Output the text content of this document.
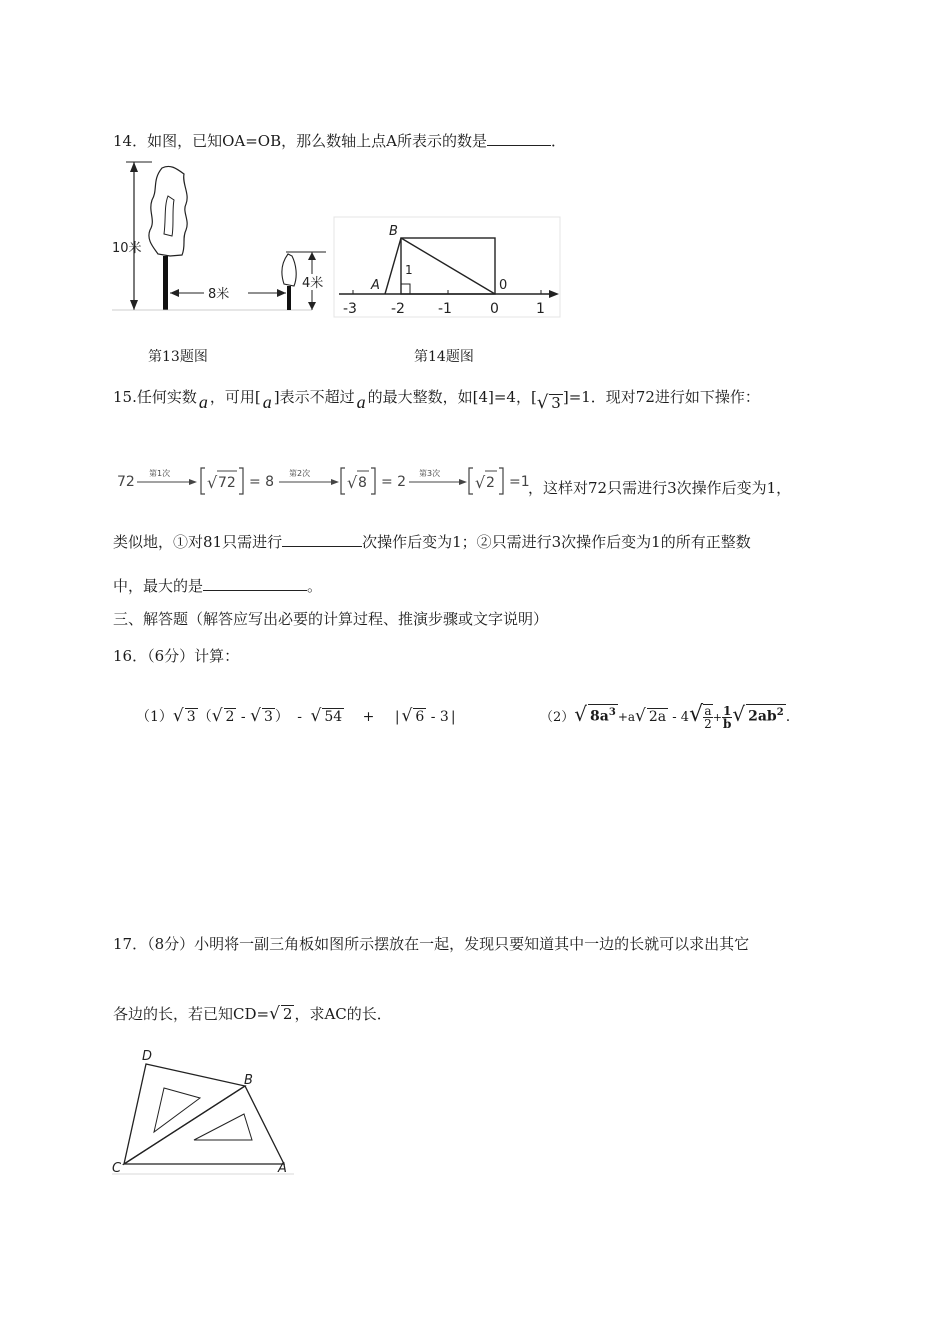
14．如图，已知OA=OB，那么数轴上点A所表示的数是	．
10米
8米
4米
-3 -2 -1	0	1
B
A	0
1
第13题图	第14题图
15.任何实数 a ，可用[ a ]表示不超过 a 的最大整数，如[4]=4，[√ 3 ]=1．现对72进行如下操作：
72
第1次 √ 72 = 8
第2次 √ 8 = 2
第3次 √ 2 =1
，这样对72只需进行3次操作后变为1，
类似地，①对81只需进行	次操作后变为1；②只需进行3次操作后变为1的所有正整数
中，最大的是	。
三、解答题（解答应写出必要的计算过程、推演步骤或文字说明）
16．（6分）计算：
（1）√ 3 （√ 2 - √ 3 ） - √ 54 + | √ 6 - 3 |	（2）√ $8a^3 +a√$ $2a - 4√ \frac{a}{2} + \frac{1}{b}$ √ $2ab^2$ .
17．（8分）小明将一副三角板如图所示摆放在一起，发现只要知道其中一边的长就可以求出其它
各边的长，若已知CD=√ 2 ，求AC的长．
D
B
C	A
